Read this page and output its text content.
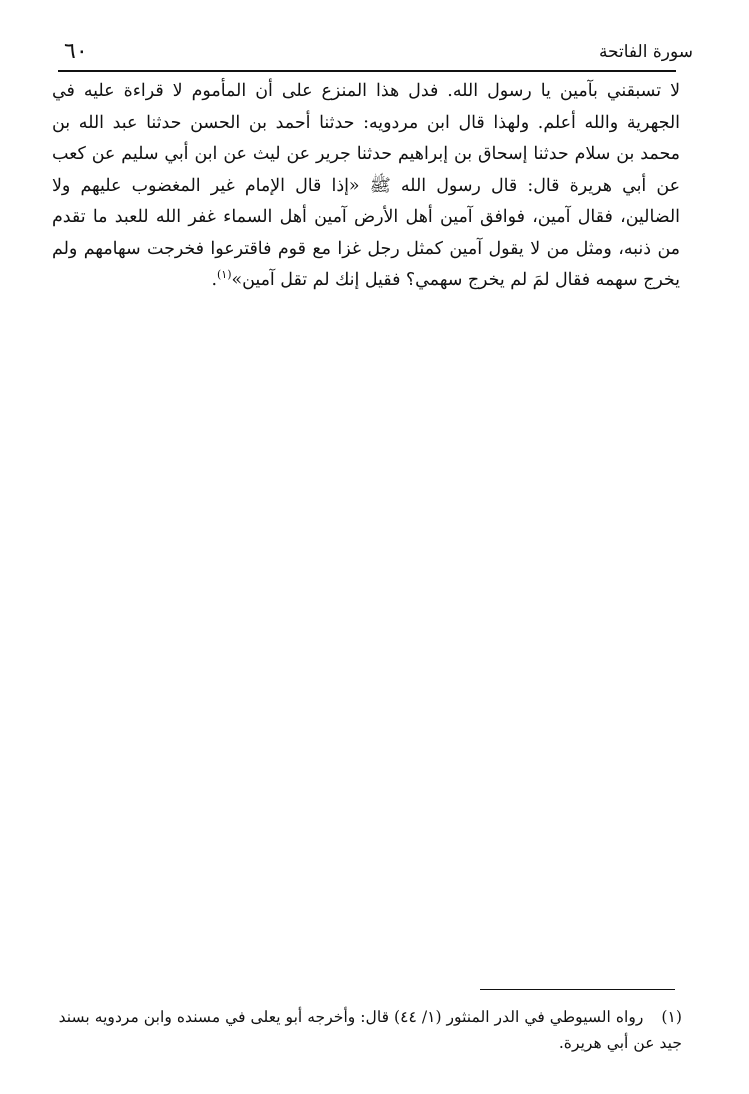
٦٠	سورة الفاتحة

لا تسبقني بآمين يا رسول الله. فدل هذا المنزع على أن المأموم لا قراءة عليه في الجهرية والله أعلم. ولهذا قال ابن مردويه: حدثنا أحمد بن الحسن حدثنا عبد الله بن محمد بن سلام حدثنا إسحاق بن إبراهيم حدثنا جرير عن ليث عن ابن أبي سليم عن كعب عن أبي هريرة قال: قال رسول الله ﷺ «إذا قال الإمام غير المغضوب عليهم ولا الضالين، فقال آمين، فوافق آمين أهل الأرض آمين أهل السماء غفر الله للعبد ما تقدم من ذنبه، ومثل من لا يقول آمين كمثل رجل غزا مع قوم فاقترعوا فخرجت سهامهم ولم يخرج سهمه فقال لمَ لم يخرج سهمي؟ فقيل إنك لم تقل آمين»$^{(١)}$.

(١)رواه السيوطي في الدر المنثور (١/ ٤٤) قال: وأخرجه أبو يعلى في مسنده وابن مردويه بسند جيد عن أبي هريرة.
